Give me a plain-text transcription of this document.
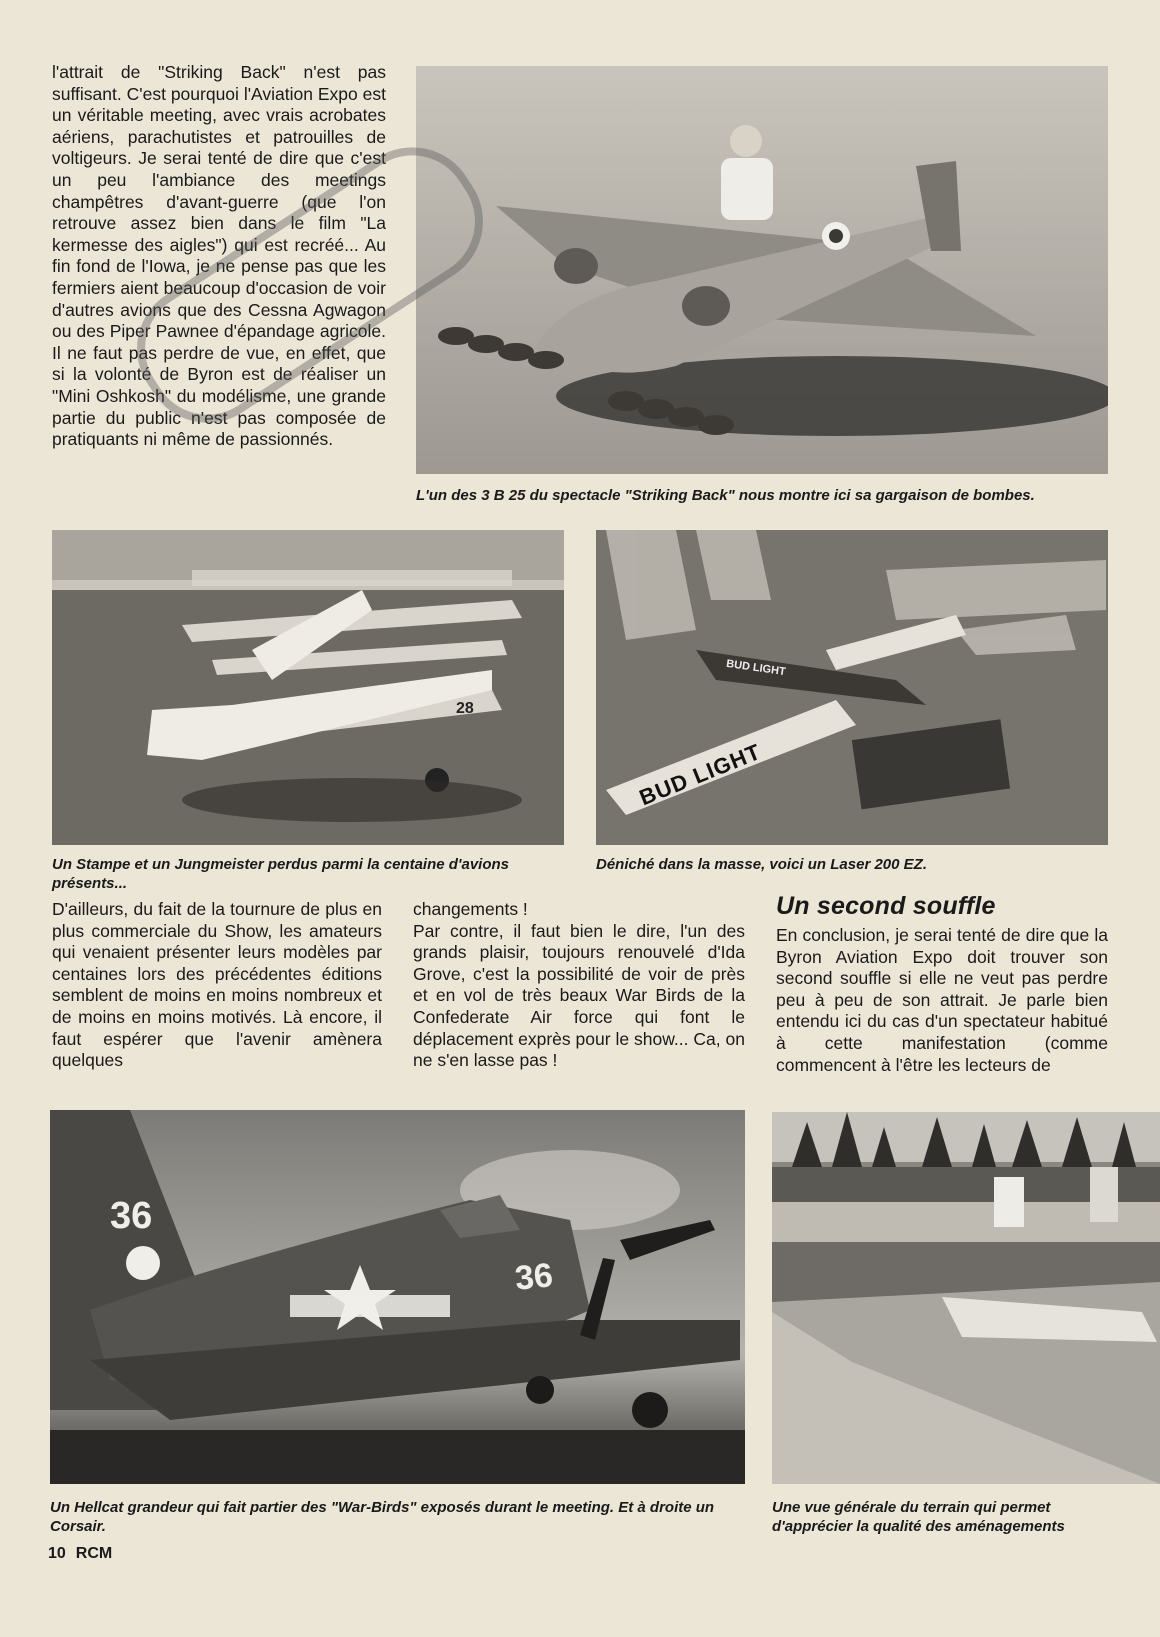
l'attrait de "Striking Back" n'est pas suffisant. C'est pourquoi l'Aviation Expo est un véritable meeting, avec vrais acrobates aériens, parachutistes et patrouilles de voltigeurs. Je serai tenté de dire que c'est un peu l'ambiance des meetings champêtres d'avant-guerre (que l'on retrouve assez bien dans le film "La kermesse des aigles") qui est recréé... Au fin fond de l'Iowa, je ne pense pas que les fermiers aient beaucoup d'occasion de voir d'autres avions que des Cessna Agwagon ou des Piper Pawnee d'épandage agricole. Il ne faut pas perdre de vue, en effet, que si la volonté de Byron est de réaliser un "Mini Oshkosh" du modélisme, une grande partie du public n'est pas composée de pratiquants ni même de passionnés.

L'un des 3 B 25 du spectacle "Striking Back" nous montre ici sa gargaison de bombes.
28
Un Stampe et un Jungmeister perdus parmi la centaine d'avions présents...
BUD LIGHT
BUD LIGHT
Déniché dans la masse, voici un Laser 200 EZ.

D'ailleurs, du fait de la tournure de plus en plus commerciale du Show, les amateurs qui venaient présenter leurs modèles par centaines lors des précédentes éditions semblent de moins en moins nombreux et de moins en moins motivés. Là encore, il faut espérer que l'avenir amènera quelques

changements !

Par contre, il faut bien le dire, l'un des grands plaisir, toujours renouvelé d'Ida Grove, c'est la possibilité de voir de près et en vol de très beaux War Birds de la Confederate Air force qui font le déplacement exprès pour le show... Ca, on ne s'en lasse pas !

Un second souffle

En conclusion, je serai tenté de dire que la Byron Aviation Expo doit trouver son second souffle si elle ne veut pas perdre peu à peu de son attrait. Je parle bien entendu ici du cas d'un spectateur habitué à cette manifestation (comme commencent à l'être les lecteurs de

36
36
Un Hellcat grandeur qui fait partier des "War-Birds" exposés durant le meeting. Et à droite un Corsair.
Une vue générale du terrain qui permet d'apprécier la qualité des aménagements
10 RCM
